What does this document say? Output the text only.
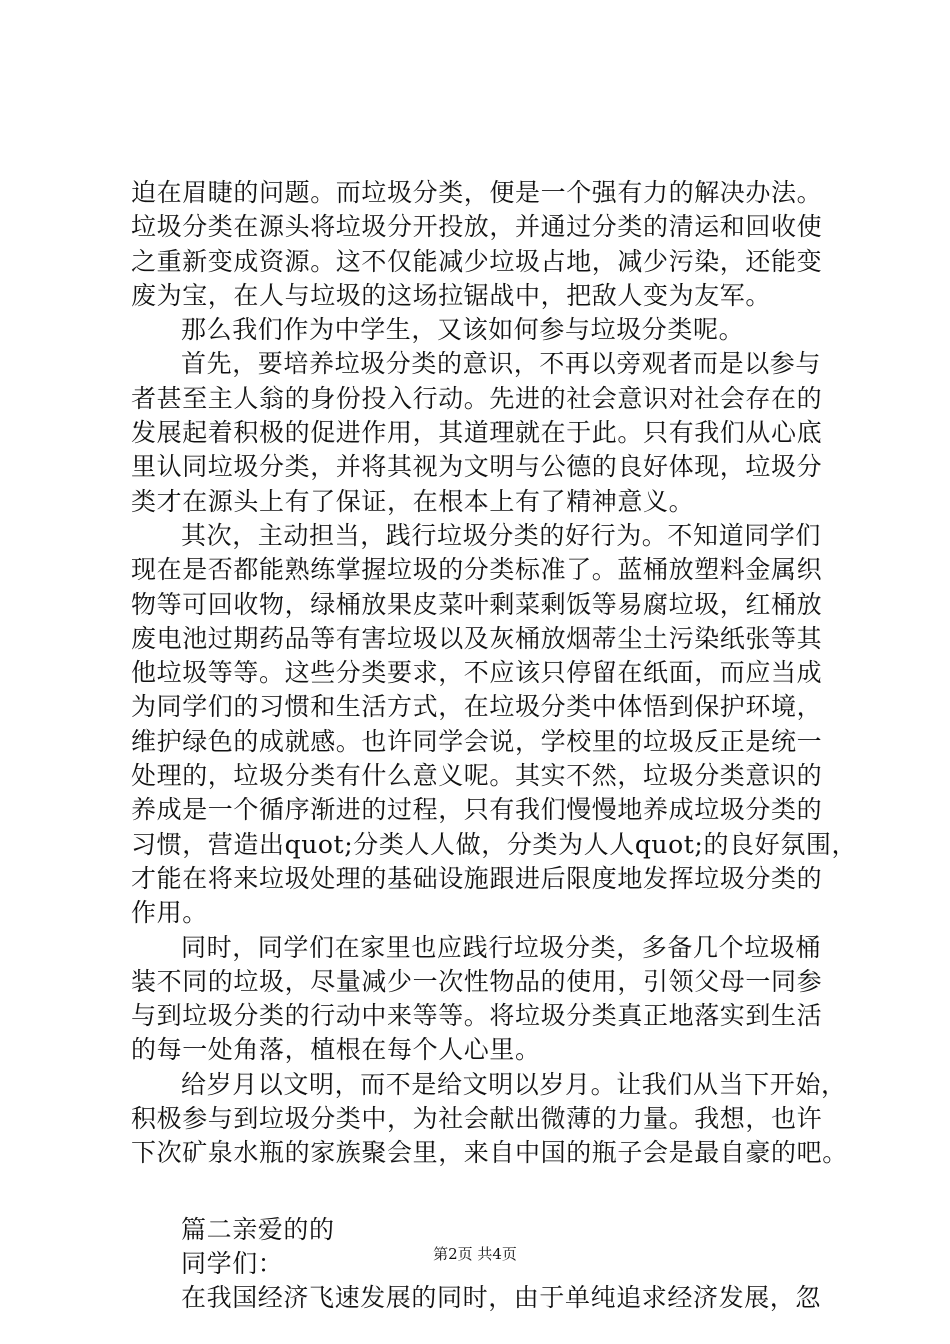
迫在眉睫的问题。而垃圾分类，便是一个强有力的解决办法。
垃圾分类在源头将垃圾分开投放，并通过分类的清运和回收使
之重新变成资源。这不仅能减少垃圾占地，减少污染，还能变
废为宝，在人与垃圾的这场拉锯战中，把敌人变为友军。
那么我们作为中学生，又该如何参与垃圾分类呢。
首先，要培养垃圾分类的意识，不再以旁观者而是以参与
者甚至主人翁的身份投入行动。先进的社会意识对社会存在的
发展起着积极的促进作用，其道理就在于此。只有我们从心底
里认同垃圾分类，并将其视为文明与公德的良好体现，垃圾分
类才在源头上有了保证，在根本上有了精神意义。
其次，主动担当，践行垃圾分类的好行为。不知道同学们
现在是否都能熟练掌握垃圾的分类标准了。蓝桶放塑料金属织
物等可回收物，绿桶放果皮菜叶剩菜剩饭等易腐垃圾，红桶放
废电池过期药品等有害垃圾以及灰桶放烟蒂尘土污染纸张等其
他垃圾等等。这些分类要求，不应该只停留在纸面，而应当成
为同学们的习惯和生活方式，在垃圾分类中体悟到保护环境，
维护绿色的成就感。也许同学会说，学校里的垃圾反正是统一
处理的，垃圾分类有什么意义呢。其实不然，垃圾分类意识的
养成是一个循序渐进的过程，只有我们慢慢地养成垃圾分类的
习惯，营造出quot;分类人人做，分类为人人quot;的良好氛围，
才能在将来垃圾处理的基础设施跟进后限度地发挥垃圾分类的
作用。
同时，同学们在家里也应践行垃圾分类，多备几个垃圾桶
装不同的垃圾，尽量减少一次性物品的使用，引领父母一同参
与到垃圾分类的行动中来等等。将垃圾分类真正地落实到生活
的每一处角落，植根在每个人心里。
给岁月以文明，而不是给文明以岁月。让我们从当下开始，
积极参与到垃圾分类中，为社会献出微薄的力量。我想，也许
下次矿泉水瓶的家族聚会里，来自中国的瓶子会是最自豪的吧。
篇二亲爱的的
同学们：
在我国经济飞速发展的同时，由于单纯追求经济发展，忽
第2页 共4页
